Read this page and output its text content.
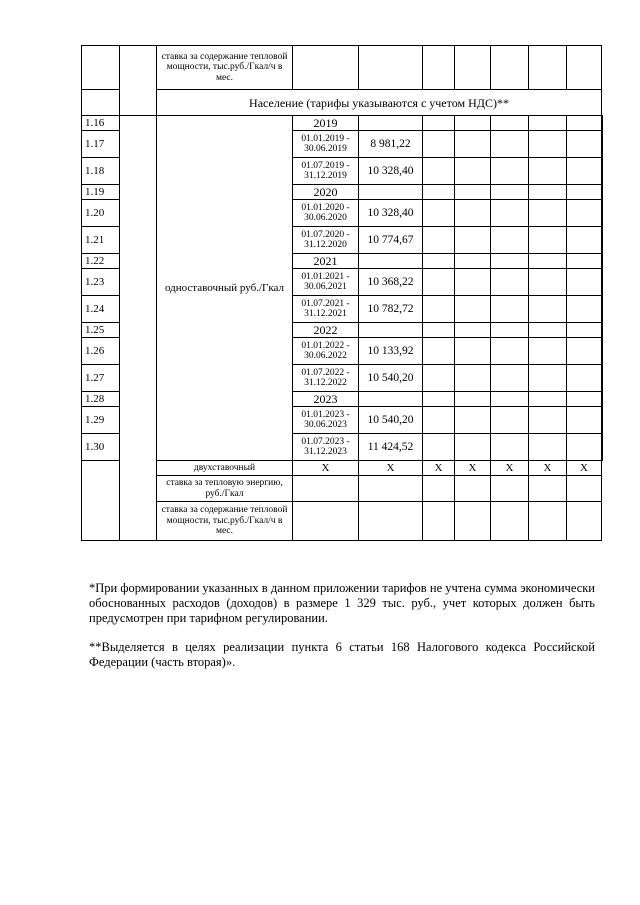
		ставка за содержание тепловой мощности, тыс.руб./Гкал/ч в мес.								
		Население (тарифы указываются с учетом НДС)**								
1.16		одноставочный руб./Гкал	2019							
1.17			01.01.2019 - 30.06.2019	8 981,22						
1.18			01.07.2019 - 31.12.2019	10 328,40						
1.19			2020							
1.20			01.01.2020 - 30.06.2020	10 328,40						
1.21			01.07.2020 - 31.12.2020	10 774,67						
1.22			2021							
1.23			01.01.2021 - 30.06.2021	10 368,22						
1.24			01.07.2021 - 31.12.2021	10 782,72						
1.25			2022							
1.26			01.01.2022 - 30.06.2022	10 133,92						
1.27			01.07.2022 - 31.12.2022	10 540,20						
1.28			2023							
1.29			01.01.2023 - 30.06.2023	10 540,20						
1.30			01.07.2023 - 31.12.2023	11 424,52						
		двухставочный	X	X	X	X	X	X	X	
		ставка за тепловую энергию, руб./Гкал								
		ставка за содержание тепловой мощности, тыс.руб./Гкал/ч в мес.								
*При формировании указанных в данном приложении тарифов не учтена сумма экономически обоснованных расходов (доходов) в размере 1 329 тыс. руб., учет которых должен быть предусмотрен при тарифном регулировании.
**Выделяется в целях реализации пункта 6 статьи 168 Налогового кодекса Российской Федерации (часть вторая)».
